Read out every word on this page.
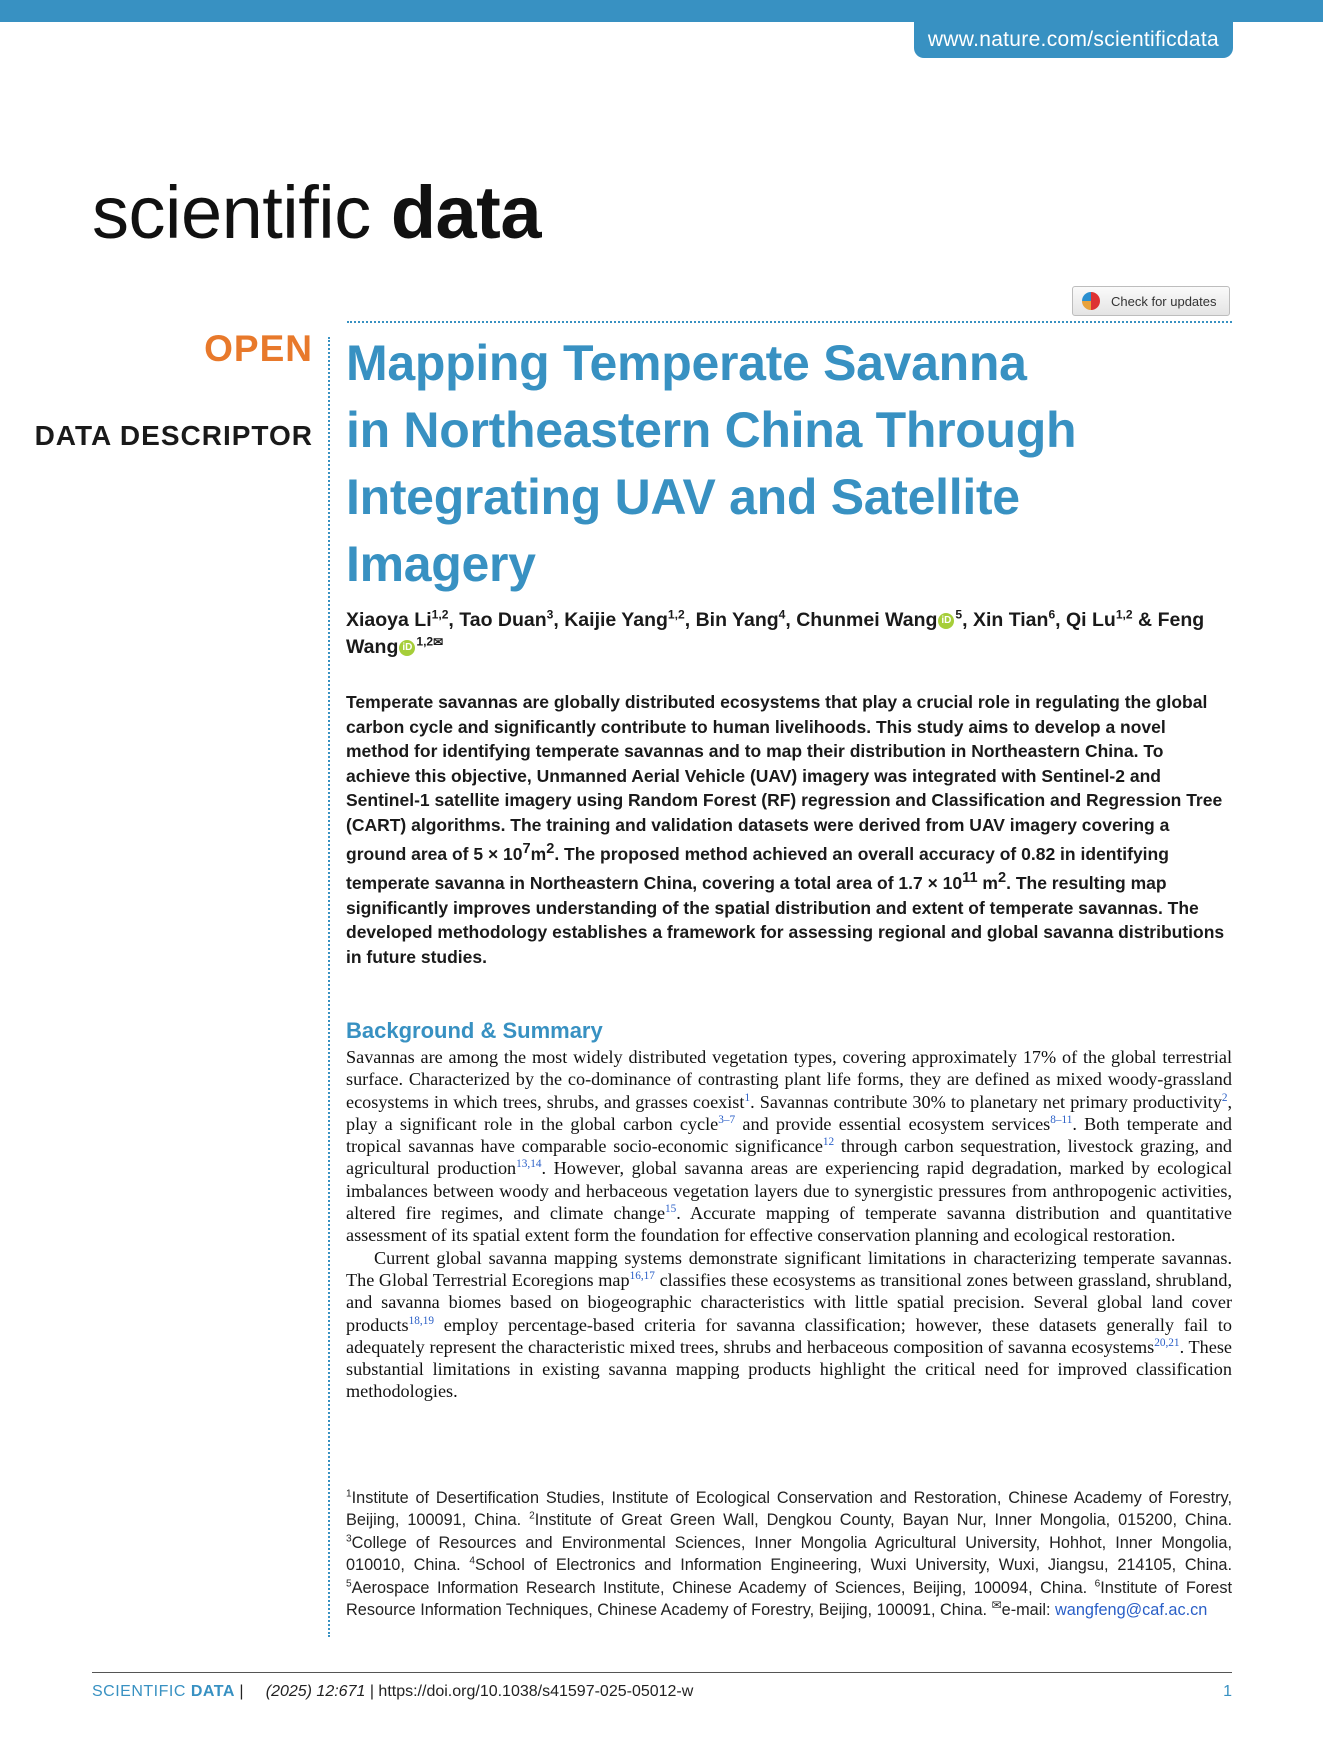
www.nature.com/scientificdata
scientific data
Check for updates
OPEN
DATA DESCRIPTOR
Mapping Temperate Savanna
in Northeastern China Through
Integrating UAV and Satellite
Imagery
Xiaoya Li$^{1,2}$, Tao Duan$^3$, Kaijie Yang$^{1,2}$, Bin Yang$^4$, Chunmei Wang iD $^5$, Xin Tian$^6$, Qi Lu$^{1,2}$ & Feng Wang iD $^{1,2}$✉

Temperate savannas are globally distributed ecosystems that play a crucial role in regulating the global carbon cycle and significantly contribute to human livelihoods. This study aims to develop a novel method for identifying temperate savannas and to map their distribution in Northeastern China. To achieve this objective, Unmanned Aerial Vehicle (UAV) imagery was integrated with Sentinel-2 and Sentinel-1 satellite imagery using Random Forest (RF) regression and Classification and Regression Tree (CART) algorithms. The training and validation datasets were derived from UAV imagery covering a ground area of $5 \times 10^7m^2$. The proposed method achieved an overall accuracy of 0.82 in identifying temperate savanna in Northeastern China, covering a total area of $1.7 \times 10^{11}$ $m^2$. The resulting map significantly improves understanding of the spatial distribution and extent of temperate savannas. The developed methodology establishes a framework for assessing regional and global savanna distributions in future studies.

Background & Summary

Savannas are among the most widely distributed vegetation types, covering approximately 17% of the global terrestrial surface. Characterized by the co-dominance of contrasting plant life forms, they are defined as mixed woody-grassland ecosystems in which trees, shrubs, and grasses coexist$^1$. Savannas contribute 30% to planetary net primary productivity$^2$, play a significant role in the global carbon cycle$^{3-7}$ and provide essential ecosystem services$^{8-11}$. Both temperate and tropical savannas have comparable socio-economic significance$^{12}$ through carbon sequestration, livestock grazing, and agricultural production$^{13,14}$. However, global savanna areas are experiencing rapid degradation, marked by ecological imbalances between woody and herbaceous vegetation layers due to synergistic pressures from anthropogenic activities, altered fire regimes, and climate change$^{15}$. Accurate mapping of temperate savanna distribution and quantitative assessment of its spatial extent form the foundation for effective conservation planning and ecological restoration.

Current global savanna mapping systems demonstrate significant limitations in characterizing temperate savannas. The Global Terrestrial Ecoregions map$^{16,17}$ classifies these ecosystems as transitional zones between grassland, shrubland, and savanna biomes based on biogeographic characteristics with little spatial precision. Several global land cover products$^{18,19}$ employ percentage-based criteria for savanna classification; however, these datasets generally fail to adequately represent the characteristic mixed trees, shrubs and herbaceous composition of savanna ecosystems$^{20,21}$. These substantial limitations in existing savanna mapping products highlight the critical need for improved classification methodologies.

$^1$Institute of Desertification Studies, Institute of Ecological Conservation and Restoration, Chinese Academy of Forestry, Beijing, 100091, China. $^2$Institute of Great Green Wall, Dengkou County, Bayan Nur, Inner Mongolia, 015200, China. $^3$College of Resources and Environmental Sciences, Inner Mongolia Agricultural University, Hohhot, Inner Mongolia, 010010, China. $^4$School of Electronics and Information Engineering, Wuxi University, Wuxi, Jiangsu, 214105, China. $^5$Aerospace Information Research Institute, Chinese Academy of Sciences, Beijing, 100094, China. $^6$Institute of Forest Resource Information Techniques, Chinese Academy of Forestry, Beijing, 100091, China. ✉e-mail: wangfeng@caf.ac.cn
SCIENTIFIC DATA |     (2025) 12:671 | https://doi.org/10.1038/s41597-025-05012-w	1
